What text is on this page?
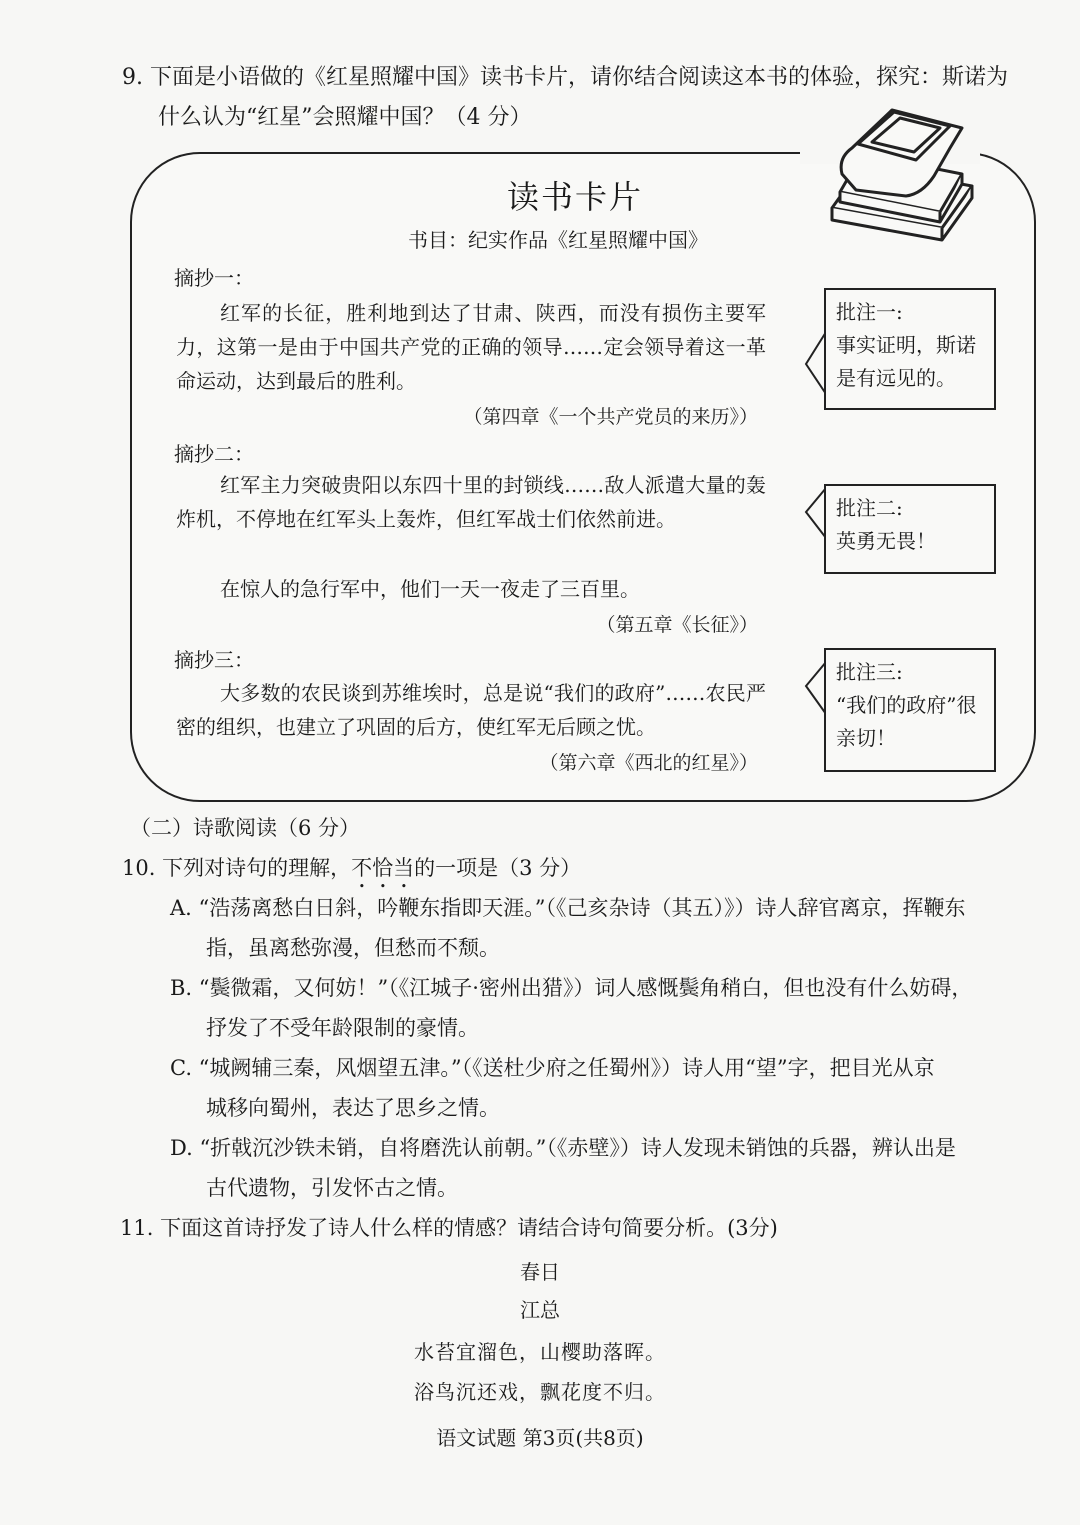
9. 下面是小语做的《红星照耀中国》读书卡片，请你结合阅读这本书的体验，探究：斯诺为
什么认为“红星”会照耀中国？（4 分）
读书卡片
书目：纪实作品《红星照耀中国》
摘抄一：
红军的长征，胜利地到达了甘肃、陕西，而没有损伤主要军力，这第一是由于中国共产党的正确的领导……定会领导着这一革命运动，达到最后的胜利。
（第四章《一个共产党员的来历》）
摘抄二：
红军主力突破贵阳以东四十里的封锁线……敌人派遣大量的轰炸机，不停地在红军头上轰炸，但红军战士们依然前进。
在惊人的急行军中，他们一天一夜走了三百里。
（第五章《长征》）
摘抄三：
大多数的农民谈到苏维埃时，总是说“我们的政府”……农民严密的组织，也建立了巩固的后方，使红军无后顾之忧。
（第六章《西北的红星》）
批注一:
事实证明，斯诺是有远见的。
批注二:
英勇无畏！
批注三:
“我们的政府”很亲切！
（二）诗歌阅读（6 分）
10. 下列对诗句的理解，不恰当的一项是（3 分）
A. “浩荡离愁白日斜，吟鞭东指即天涯。”（《己亥杂诗（其五）》）诗人辞官离京，挥鞭东
指，虽离愁弥漫，但愁而不颓。
B. “鬓微霜，又何妨！”（《江城子·密州出猎》）词人感慨鬓角稍白，但也没有什么妨碍，
抒发了不受年龄限制的豪情。
C. “城阙辅三秦，风烟望五津。”（《送杜少府之任蜀州》）诗人用“望”字，把目光从京
城移向蜀州，表达了思乡之情。
D. “折戟沉沙铁未销，自将磨洗认前朝。”（《赤壁》）诗人发现未销蚀的兵器，辨认出是
古代遗物，引发怀古之情。
11. 下面这首诗抒发了诗人什么样的情感？请结合诗句简要分析。(3分)
春日
江总
水苔宜溜色，山樱助落晖。
浴鸟沉还戏，飘花度不归。
语文试题 第3页(共8页)
